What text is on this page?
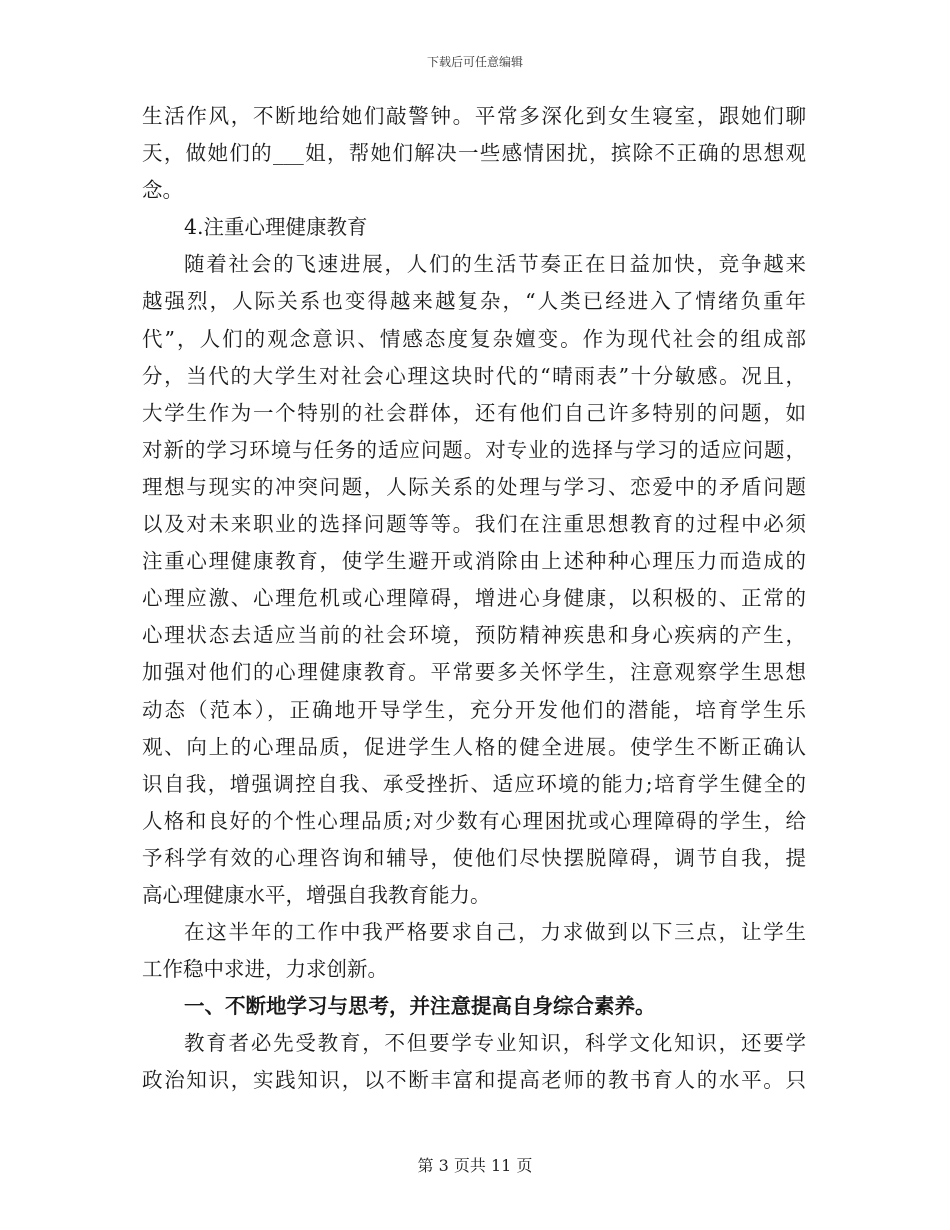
下载后可任意编辑
生活作风，不断地给她们敲警钟。平常多深化到女生寝室，跟她们聊
天，做她们的___姐，帮她们解决一些感情困扰，摈除不正确的思想观
念。
4.注重心理健康教育
随着社会的飞速进展，人们的生活节奏正在日益加快，竞争越来
越强烈，人际关系也变得越来越复杂，“人类已经进入了情绪负重年
代”，人们的观念意识、情感态度复杂嬗变。作为现代社会的组成部
分，当代的大学生对社会心理这块时代的“晴雨表”十分敏感。况且，
大学生作为一个特别的社会群体，还有他们自己许多特别的问题，如
对新的学习环境与任务的适应问题。对专业的选择与学习的适应问题，
理想与现实的冲突问题，人际关系的处理与学习、恋爱中的矛盾问题
以及对未来职业的选择问题等等。我们在注重思想教育的过程中必须
注重心理健康教育，使学生避开或消除由上述种种心理压力而造成的
心理应激、心理危机或心理障碍，增进心身健康，以积极的、正常的
心理状态去适应当前的社会环境，预防精神疾患和身心疾病的产生，
加强对他们的心理健康教育。平常要多关怀学生，注意观察学生思想
动态（范本），正确地开导学生，充分开发他们的潜能，培育学生乐
观、向上的心理品质，促进学生人格的健全进展。使学生不断正确认
识自我，增强调控自我、承受挫折、适应环境的能力;培育学生健全的
人格和良好的个性心理品质;对少数有心理困扰或心理障碍的学生，给
予科学有效的心理咨询和辅导，使他们尽快摆脱障碍，调节自我，提
高心理健康水平，增强自我教育能力。
在这半年的工作中我严格要求自己，力求做到以下三点，让学生
工作稳中求进，力求创新。
一、不断地学习与思考，并注意提高自身综合素养。
教育者必先受教育，不但要学专业知识，科学文化知识，还要学
政治知识，实践知识，以不断丰富和提高老师的教书育人的水平。只
第 3 页共 11 页
